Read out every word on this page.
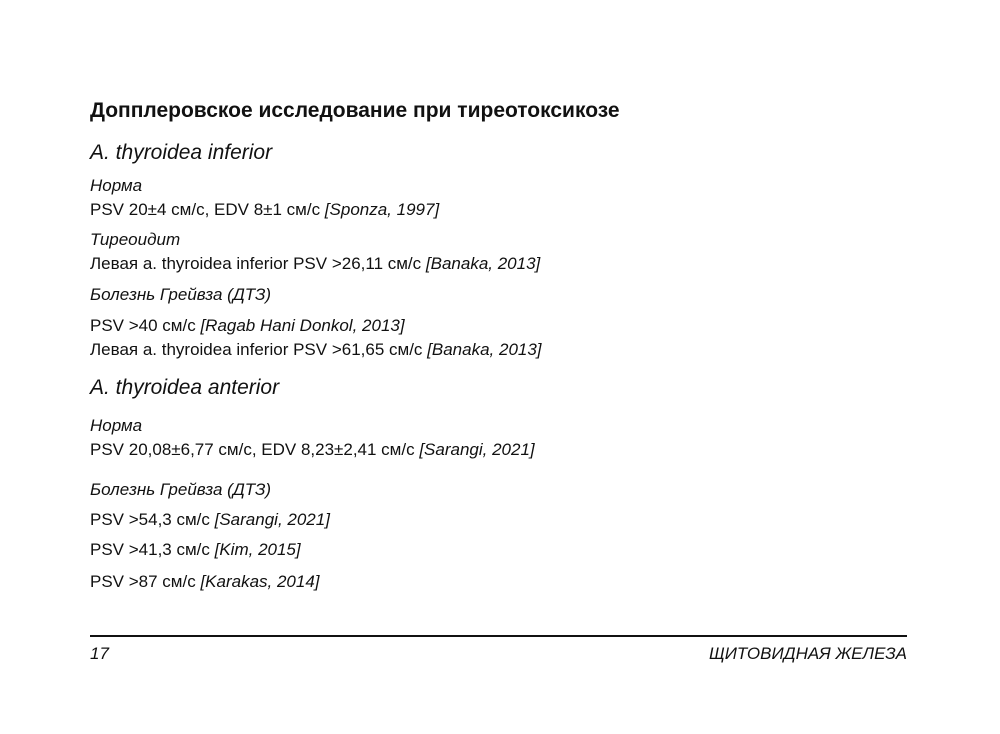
Допплеровское исследование при тиреотоксикозе
A. thyroidea inferior
Норма
PSV 20±4 см/с, EDV 8±1 см/с [Sponza, 1997]
Тиреоидит
Левая а. thyroidea inferior PSV >26,11 см/с [Banaka, 2013]
Болезнь Грейвза (ДТЗ)
PSV >40 см/с [Ragab Hani Donkol, 2013]
Левая а. thyroidea inferior PSV >61,65 см/с [Banaka, 2013]
A. thyroidea anterior
Норма
PSV 20,08±6,77 см/с, EDV 8,23±2,41 см/с [Sarangi, 2021]
Болезнь Грейвза (ДТЗ)
PSV >54,3 см/с [Sarangi, 2021]
PSV >41,3 см/с [Kim, 2015]
PSV >87 см/с [Karakas, 2014]
17	ЩИТОВИДНАЯ ЖЕЛЕЗА
